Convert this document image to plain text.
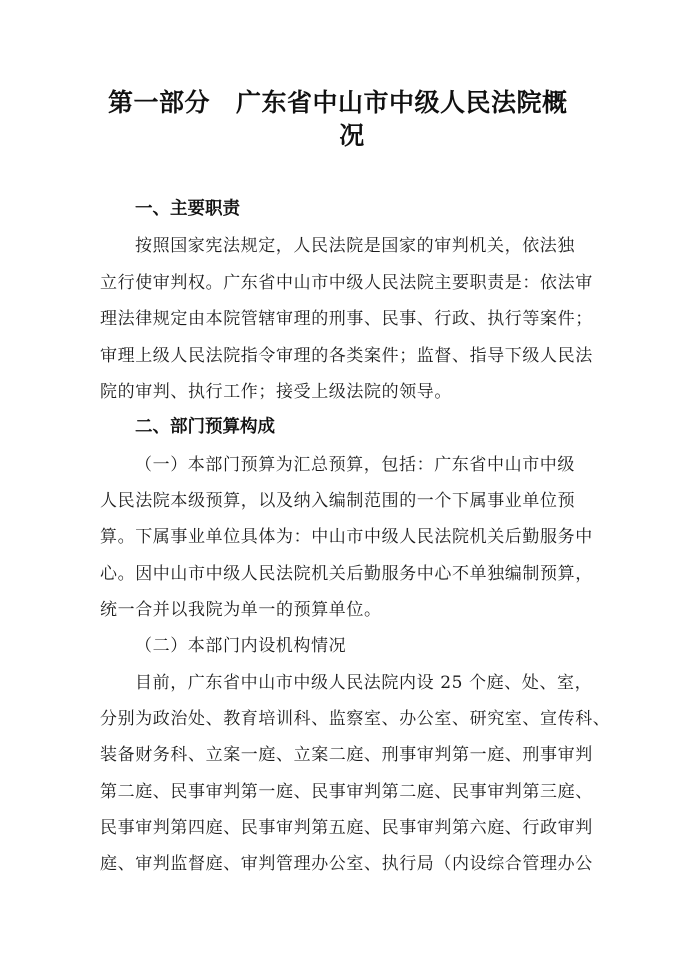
第一部分 广东省中山市中级人民法院概
况
一、主要职责
按照国家宪法规定，人民法院是国家的审判机关，依法独
立行使审判权。广东省中山市中级人民法院主要职责是：依法审
理法律规定由本院管辖审理的刑事、民事、行政、执行等案件；
审理上级人民法院指令审理的各类案件；监督、指导下级人民法
院的审判、执行工作；接受上级法院的领导。
二、部门预算构成
（一）本部门预算为汇总预算，包括：广东省中山市中级
人民法院本级预算，以及纳入编制范围的一个下属事业单位预
算。下属事业单位具体为：中山市中级人民法院机关后勤服务中
心。因中山市中级人民法院机关后勤服务中心不单独编制预算，
统一合并以我院为单一的预算单位。
（二）本部门内设机构情况
目前，广东省中山市中级人民法院内设 25 个庭、处、室，
分别为政治处、教育培训科、监察室、办公室、研究室、宣传科、
装备财务科、立案一庭、立案二庭、刑事审判第一庭、刑事审判
第二庭、民事审判第一庭、民事审判第二庭、民事审判第三庭、
民事审判第四庭、民事审判第五庭、民事审判第六庭、行政审判
庭、审判监督庭、审判管理办公室、执行局（内设综合管理办公
